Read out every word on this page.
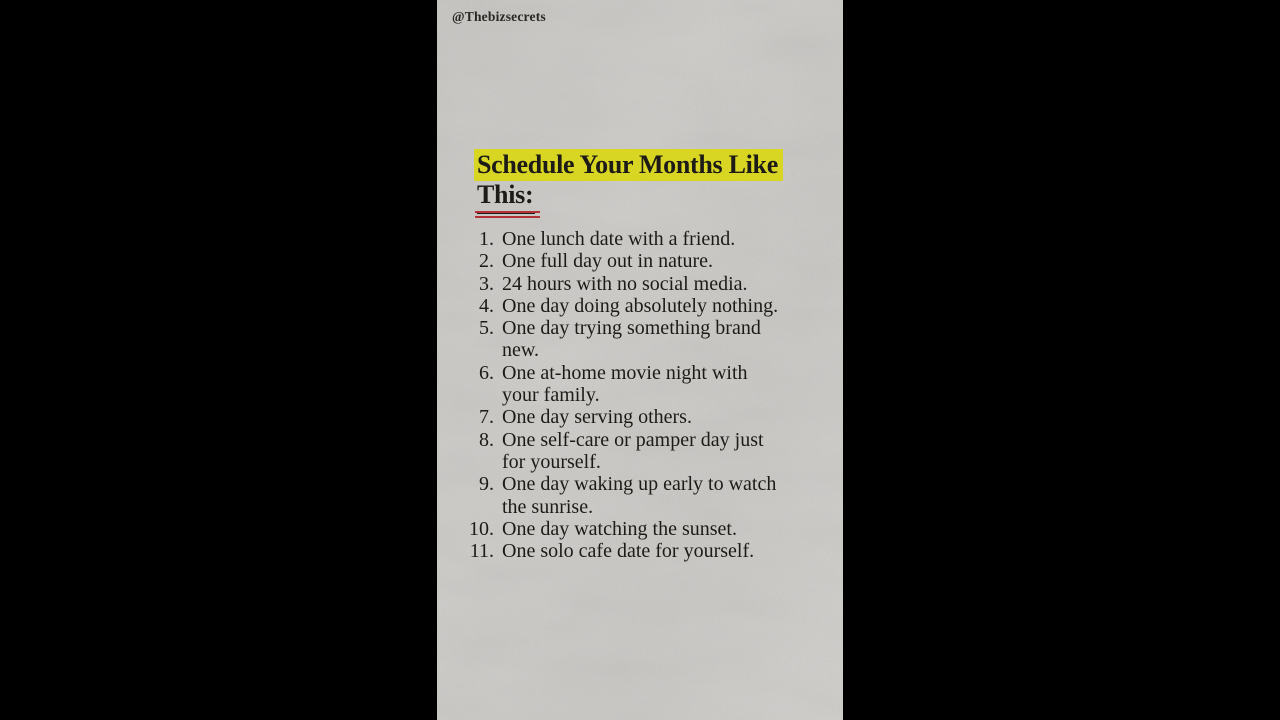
@Thebizsecrets
Schedule Your Months Like
This:
1. One lunch date with a friend.
2. One full day out in nature.
3. 24 hours with no social media.
4. One day doing absolutely nothing.
5. One day trying something brand
new.
6. One at-home movie night with
your family.
7. One day serving others.
8. One self-care or pamper day just
for yourself.
9. One day waking up early to watch
the sunrise.
10. One day watching the sunset.
11. One solo cafe date for yourself.
